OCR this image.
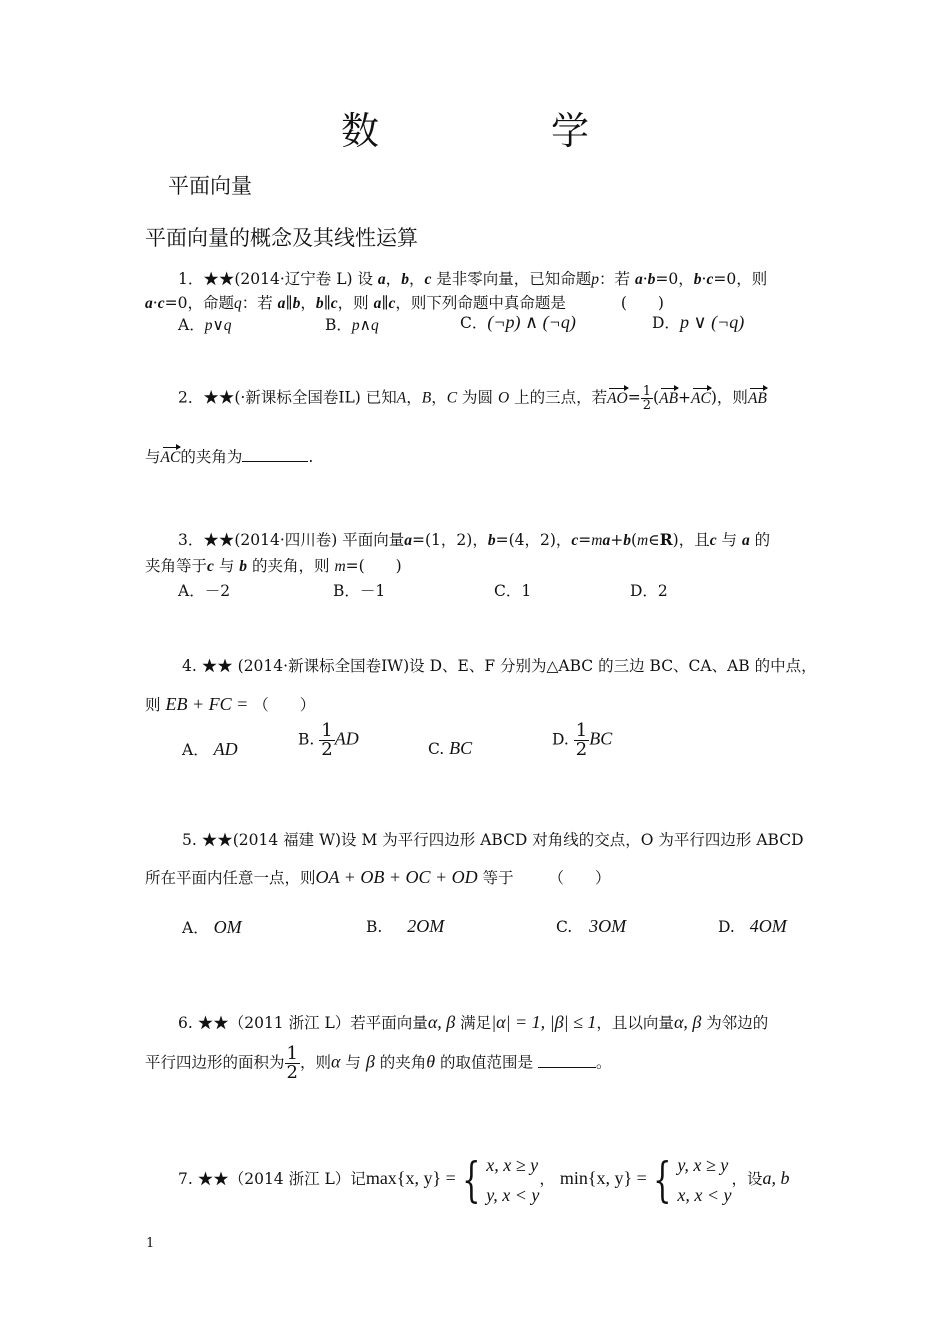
数 学
平面向量
平面向量的概念及其线性运算
1．★★(2014·辽宁卷 L) 设 a，b，c 是非零向量，已知命题p：若 a·b=0，b·c=0，则
a·c=0，命题q：若 a∥b，b∥c，则 a∥c，则下列命题中真命题是	(　　)
A．p∨q	B．p∧q	C．(¬p) ∧ (¬q)	D．p ∨ (¬q)
2．★★(·新课标全国卷ⅠL) 已知A，B，C 为圆 O 上的三点，若$AO= \frac{1}{2} (AB+AC)$，则AB
与AC的夹角为	.
3．★★(2014·四川卷) 平面向量a=(1，2)，b=(4，2)，c=ma+b(m∈R)，且c 与 a 的
夹角等于c 与 b 的夹角，则 m=(　　)
A．－2	B．－1	C．1	D．2
4. ★★ (2014·新课标全国卷ⅠW)设 D、E、F 分别为△ABC 的三边 BC、CA、AB 的中点，
则 EB + FC = （　　）
A． AD	B. $\frac{1}{2}$ AD
C. BC	D. $\frac{1}{2}$ BC
5. ★★(2014 福建 W)设 M 为平行四边形 ABCD 对角线的交点，O 为平行四边形 ABCD
所在平面内任意一点，则OA + OB + OC + OD 等于 （　　）
A． OM	B. 2OM	C. 3OM	D. 4OM
6. ★★（2011 浙江 L）若平面向量α, β 满足|α| = 1, |β| ≤ 1，且以向量α, β 为邻边的
平行四边形的面积为 $\frac{1}{2}$ ，则α 与 β 的夹角θ 的取值范围是	。
7. ★★（2014 浙江 L）记max{x, y} = { x, x ≥ y
y, x < y
， min{x, y} = { y, x ≥ y
x, x < y
，设a, b
1
